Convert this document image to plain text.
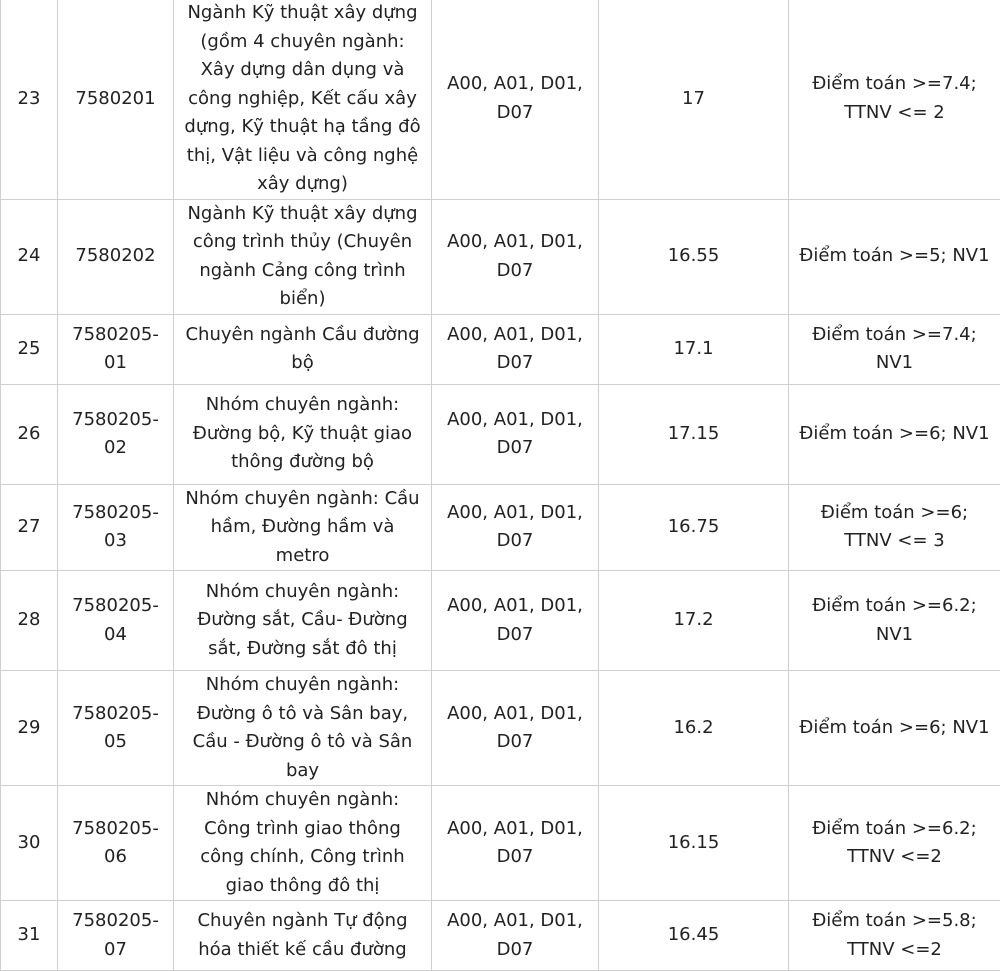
23	7580201	Ngành Kỹ thuật xây dựng (gồm 4 chuyên ngành: Xây dựng dân dụng và công nghiệp, Kết cấu xây dựng, Kỹ thuật hạ tầng đô thị, Vật liệu và công nghệ xây dựng)	A00, A01, D01, D07	17	Điểm toán >=7.4; TTNV <= 2
24	7580202	Ngành Kỹ thuật xây dựng công trình thủy (Chuyên ngành Cảng công trình biển)	A00, A01, D01, D07	16.55	Điểm toán >=5; NV1
25	7580205-01	Chuyên ngành Cầu đường bộ	A00, A01, D01, D07	17.1	Điểm toán >=7.4; NV1
26	7580205-02	Nhóm chuyên ngành: Đường bộ, Kỹ thuật giao thông đường bộ	A00, A01, D01, D07	17.15	Điểm toán >=6; NV1
27	7580205-03	Nhóm chuyên ngành: Cầu hầm, Đường hầm và metro	A00, A01, D01, D07	16.75	Điểm toán >=6; TTNV <= 3
28	7580205-04	Nhóm chuyên ngành: Đường sắt, Cầu- Đường sắt, Đường sắt đô thị	A00, A01, D01, D07	17.2	Điểm toán >=6.2; NV1
29	7580205-05	Nhóm chuyên ngành: Đường ô tô và Sân bay, Cầu - Đường ô tô và Sân bay	A00, A01, D01, D07	16.2	Điểm toán >=6; NV1
30	7580205-06	Nhóm chuyên ngành: Công trình giao thông công chính, Công trình giao thông đô thị	A00, A01, D01, D07	16.15	Điểm toán >=6.2; TTNV <=2
31	7580205-07	Chuyên ngành Tự động hóa thiết kế cầu đường	A00, A01, D01, D07	16.45	Điểm toán >=5.8; TTNV <=2
